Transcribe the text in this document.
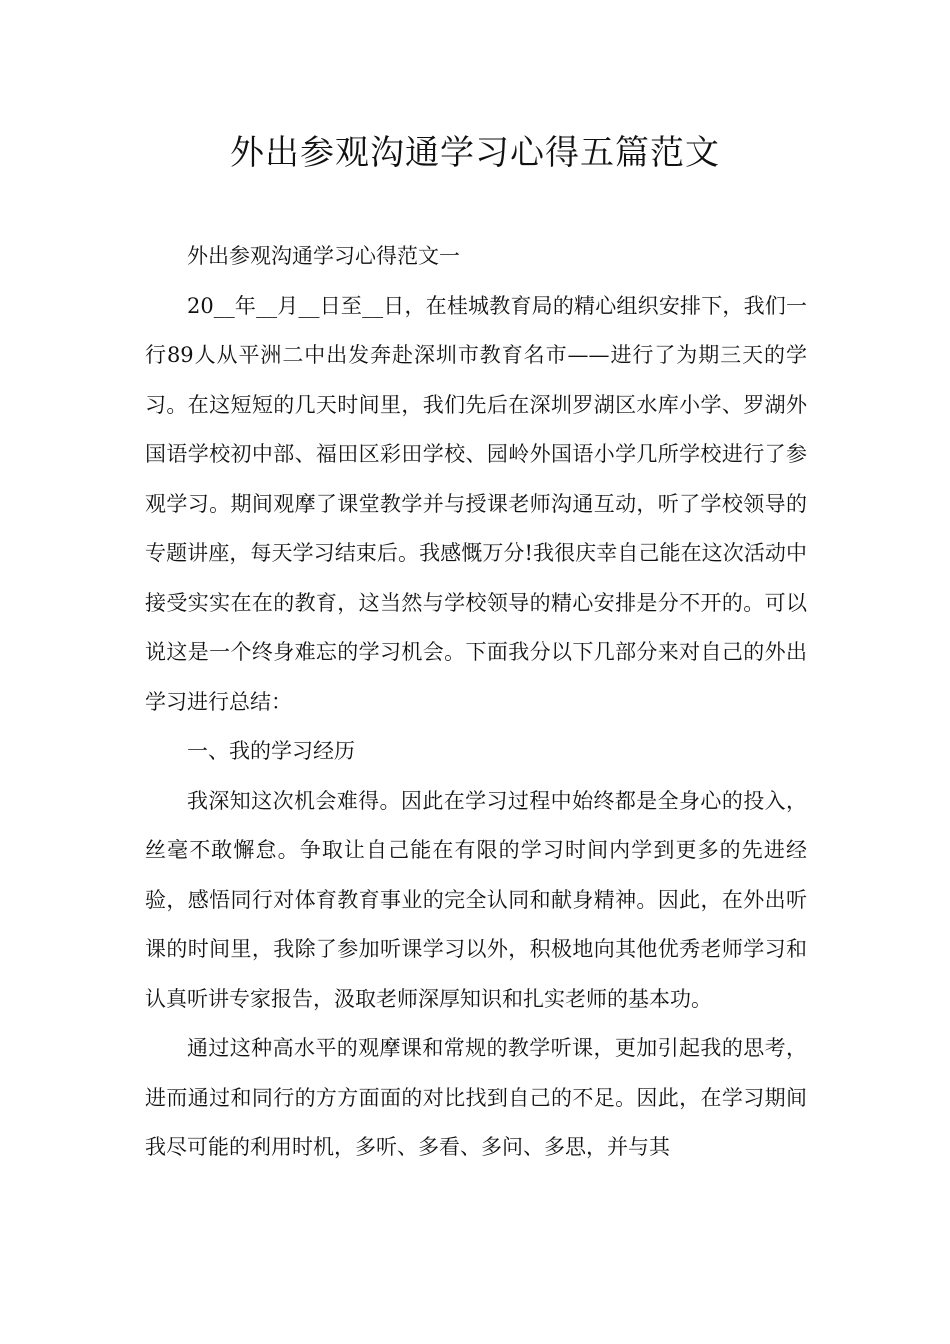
外出参观沟通学习心得五篇范文

外出参观沟通学习心得范文一

20__年__月__日至__日，在桂城教育局的精心组织安排下，我们一行89人从平洲二中出发奔赴深圳市教育名市——进行了为期三天的学习。在这短短的几天时间里，我们先后在深圳罗湖区水库小学、罗湖外国语学校初中部、福田区彩田学校、园岭外国语小学几所学校进行了参观学习。期间观摩了课堂教学并与授课老师沟通互动，听了学校领导的专题讲座，每天学习结束后。我感慨万分!我很庆幸自己能在这次活动中接受实实在在的教育，这当然与学校领导的精心安排是分不开的。可以说这是一个终身难忘的学习机会。下面我分以下几部分来对自己的外出学习进行总结：

一、我的学习经历

我深知这次机会难得。因此在学习过程中始终都是全身心的投入，丝毫不敢懈怠。争取让自己能在有限的学习时间内学到更多的先进经验，感悟同行对体育教育事业的完全认同和献身精神。因此，在外出听课的时间里，我除了参加听课学习以外，积极地向其他优秀老师学习和认真听讲专家报告，汲取老师深厚知识和扎实老师的基本功。

通过这种高水平的观摩课和常规的教学听课，更加引起我的思考，进而通过和同行的方方面面的对比找到自己的不足。因此，在学习期间我尽可能的利用时机，多听、多看、多问、多思，并与其
